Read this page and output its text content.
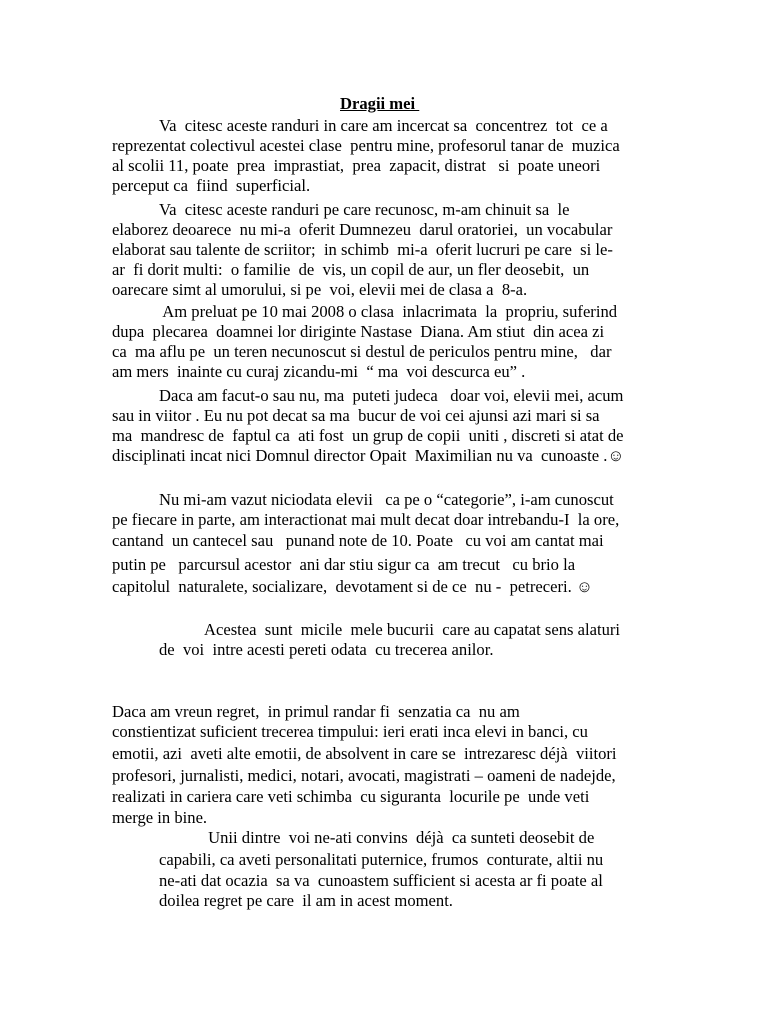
Dragii mei
Va  citesc aceste randuri in care am incercat sa  concentrez  tot  ce a
reprezentat colectivul acestei clase  pentru mine, profesorul tanar de  muzica
al scolii 11, poate  prea  imprastiat,  prea  zapacit, distrat   si  poate uneori
perceput ca  fiind  superficial.
Va  citesc aceste randuri pe care recunosc, m-am chinuit sa  le
elaborez deoarece  nu mi-a  oferit Dumnezeu  darul oratoriei,  un vocabular
elaborat sau talente de scriitor;  in schimb  mi-a  oferit lucruri pe care  si le-
ar  fi dorit multi:  o familie  de  vis, un copil de aur, un fler deosebit,  un
oarecare simt al umorului, si pe  voi, elevii mei de clasa a  8-a.
Am preluat pe 10 mai 2008 o clasa  inlacrimata  la  propriu, suferind
dupa  plecarea  doamnei lor diriginte Nastase  Diana. Am stiut  din acea zi
ca  ma aflu pe  un teren necunoscut si destul de periculos pentru mine,   dar
am mers  inainte cu curaj zicandu-mi  “ ma  voi descurca eu” .
Daca am facut-o sau nu, ma  puteti judeca   doar voi, elevii mei, acum
sau in viitor . Eu nu pot decat sa ma  bucur de voi cei ajunsi azi mari si sa
ma  mandresc de  faptul ca  ati fost  un grup de copii  uniti , discreti si atat de
disciplinati incat nici Domnul director Opait  Maximilian nu va  cunoaste .☺
Nu mi-am vazut niciodata elevii   ca pe o “categorie”, i-am cunoscut
pe fiecare in parte, am interactionat mai mult decat doar intrebandu-I  la ore,
cantand  un cantecel sau   punand note de 10. Poate   cu voi am cantat mai
putin pe   parcursul acestor  ani dar stiu sigur ca  am trecut   cu brio la
capitolul  naturalete, socializare,  devotament si de ce  nu -  petreceri. ☺
Acestea  sunt  micile  mele bucurii  care au capatat sens alaturi
de  voi  intre acesti pereti odata  cu trecerea anilor.
Daca am vreun regret,  in primul randar fi  senzatia ca  nu am
constientizat suficient trecerea timpului: ieri erati inca elevi in banci, cu
emotii, azi  aveti alte emotii, de absolvent in care se  intrezaresc déjà  viitori
profesori, jurnalisti, medici, notari, avocati, magistrati – oameni de nadejde,
realizati in cariera care veti schimba  cu siguranta  locurile pe  unde veti
merge in bine.
Unii dintre  voi ne-ati convins  déjà  ca sunteti deosebit de
capabili, ca aveti personalitati puternice, frumos  conturate, altii nu
ne-ati dat ocazia  sa va  cunoastem sufficient si acesta ar fi poate al
doilea regret pe care  il am in acest moment.
